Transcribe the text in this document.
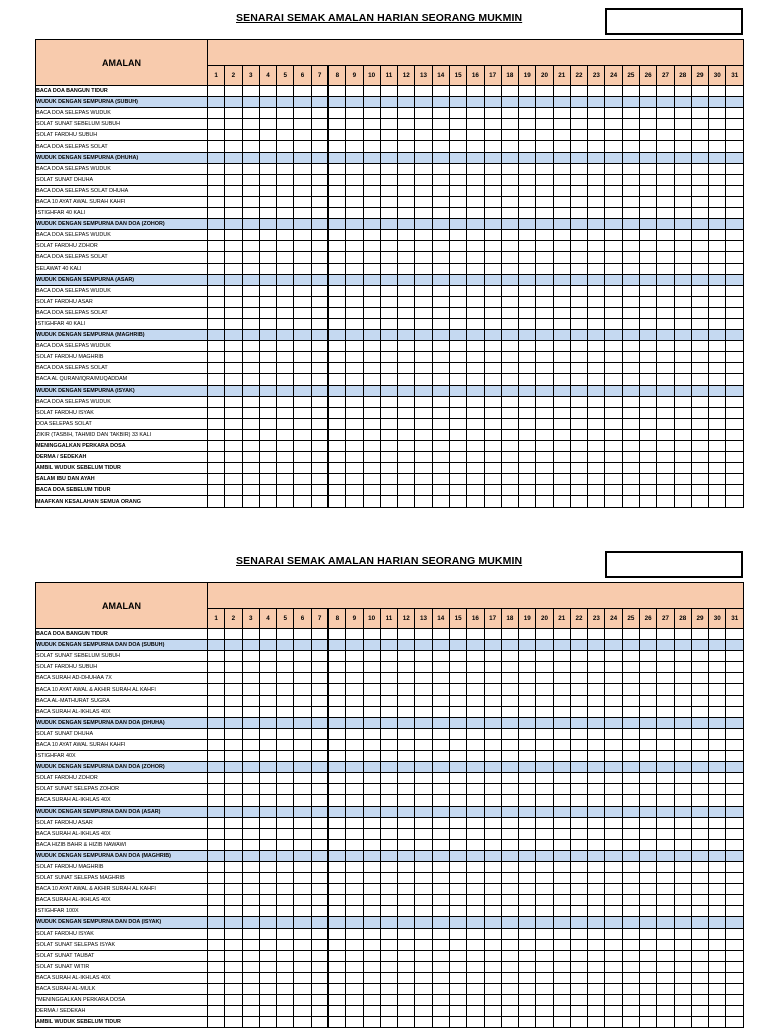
SENARAI SEMAK AMALAN HARIAN SEORANG MUKMIN
AMALAN																															
	1	2	3	4	5	6	7	8	9	10	11	12	13	14	15	16	17	18	19	20	21	22	23	24	25	26	27	28	29	30	31
BACA DOA BANGUN TIDUR																															
WUDUK DENGAN SEMPURNA (SUBUH)																															
BACA DOA SELEPAS WUDUK																															
SOLAT SUNAT SEBELUM SUBUH																															
SOLAT FARDHU SUBUH																															
BACA DOA SELEPAS SOLAT																															
WUDUK DENGAN SEMPURNA (DHUHA)																															
BACA DOA SELEPAS WUDUK																															
SOLAT SUNAT DHUHA																															
BACA DOA SELEPAS SOLAT DHUHA																															
BACA 10 AYAT AWAL SURAH KAHFI																															
ISTIGHFAR 40 KALI																															
WUDUK DENGAN SEMPURNA DAN DOA (ZOHOR)																															
BACA DOA SELEPAS WUDUK																															
SOLAT FARDHU ZOHOR																															
BACA DOA SELEPAS SOLAT																															
SELAWAT 40 KALI																															
WUDUK DENGAN SEMPURNA (ASAR)																															
BACA DOA SELEPAS WUDUK																															
SOLAT FARDHU ASAR																															
BACA DOA SELEPAS SOLAT																															
ISTIGHFAR 40 KALI																															
WUDUK DENGAN SEMPURNA (MAGHRIB)																															
BACA DOA SELEPAS WUDUK																															
SOLAT FARDHU MAGHRIB																															
BACA DOA SELEPAS SOLAT																															
BACA AL QURAN/IQRA/MUQADDAM																															
WUDUK DENGAN SEMPURNA (ISYAK)																															
BACA DOA SELEPAS WUDUK																															
SOLAT FARDHU ISYAK																															
DOA SELEPAS SOLAT																															
ZIKIR (TASBIH, TAHMID DAN TAKBIR) 33 KALI																															
MENINGGALKAN PERKARA DOSA																															
DERMA / SEDEKAH																															
AMBIL WUDUK SEBELUM TIDUR																															
SALAM IBU DAN AYAH																															
BACA DOA SEBELUM TIDUR																															
MAAFKAN KESALAHAN SEMUA ORANG																															
SENARAI SEMAK AMALAN HARIAN SEORANG MUKMIN
AMALAN																															
	1	2	3	4	5	6	7	8	9	10	11	12	13	14	15	16	17	18	19	20	21	22	23	24	25	26	27	28	29	30	31
BACA DOA BANGUN TIDUR																															
WUDUK DENGAN SEMPURNA DAN DOA (SUBUH)																															
SOLAT SUNAT SEBELUM SUBUH																															
SOLAT FARDHU SUBUH																															
BACA SURAH AD-DHUHAA 7X																															
BACA 10 AYAT AWAL & AKHIR SURAH AL KAHFI																															
BACA AL-MATHURAT SUGRA																															
BACA SURAH AL-IKHLAS 40X																															
WUDUK DENGAN SEMPURNA DAN DOA (DHUHA)																															
SOLAT SUNAT DHUHA																															
BACA 10 AYAT AWAL SURAH KAHFI																															
ISTIGHFAR 40X																															
WUDUK DENGAN SEMPURNA DAN DOA (ZOHOR)																															
SOLAT FARDHU ZOHOR																															
SOLAT SUNAT SELEPAS ZOHOR																															
BACA SURAH AL-IKHLAS 40X																															
WUDUK DENGAN SEMPURNA DAN DOA (ASAR)																															
SOLAT FARDHU ASAR																															
BACA SURAH AL-IKHLAS 40X																															
BACA HIZIB BAHR & HIZIB NAWAWI																															
WUDUK DENGAN SEMPURNA DAN DOA (MAGHRIB)																															
SOLAT FARDHU MAGHRIB																															
SOLAT SUNAT SELEPAS MAGHRIB																															
BACA 10 AYAT AWAL & AKHIR SURAH AL KAHFI																															
BACA SURAH AL-IKHLAS 40X																															
ISTIGHFAR 100X																															
WUDUK DENGAN SEMPURNA DAN DOA (ISYAK)																															
SOLAT FARDHU ISYAK																															
SOLAT SUNAT SELEPAS ISYAK																															
SOLAT SUNAT TAUBAT																															
SOLAT SUNAT WITIR																															
BACA SURAH AL-IKHLAS 40X																															
BACA SURAH AL-MULK																															
*MENINGGALKAN PERKARA DOSA																															
DERMA / SEDEKAH																															
AMBIL WUDUK SEBELUM TIDUR																															
